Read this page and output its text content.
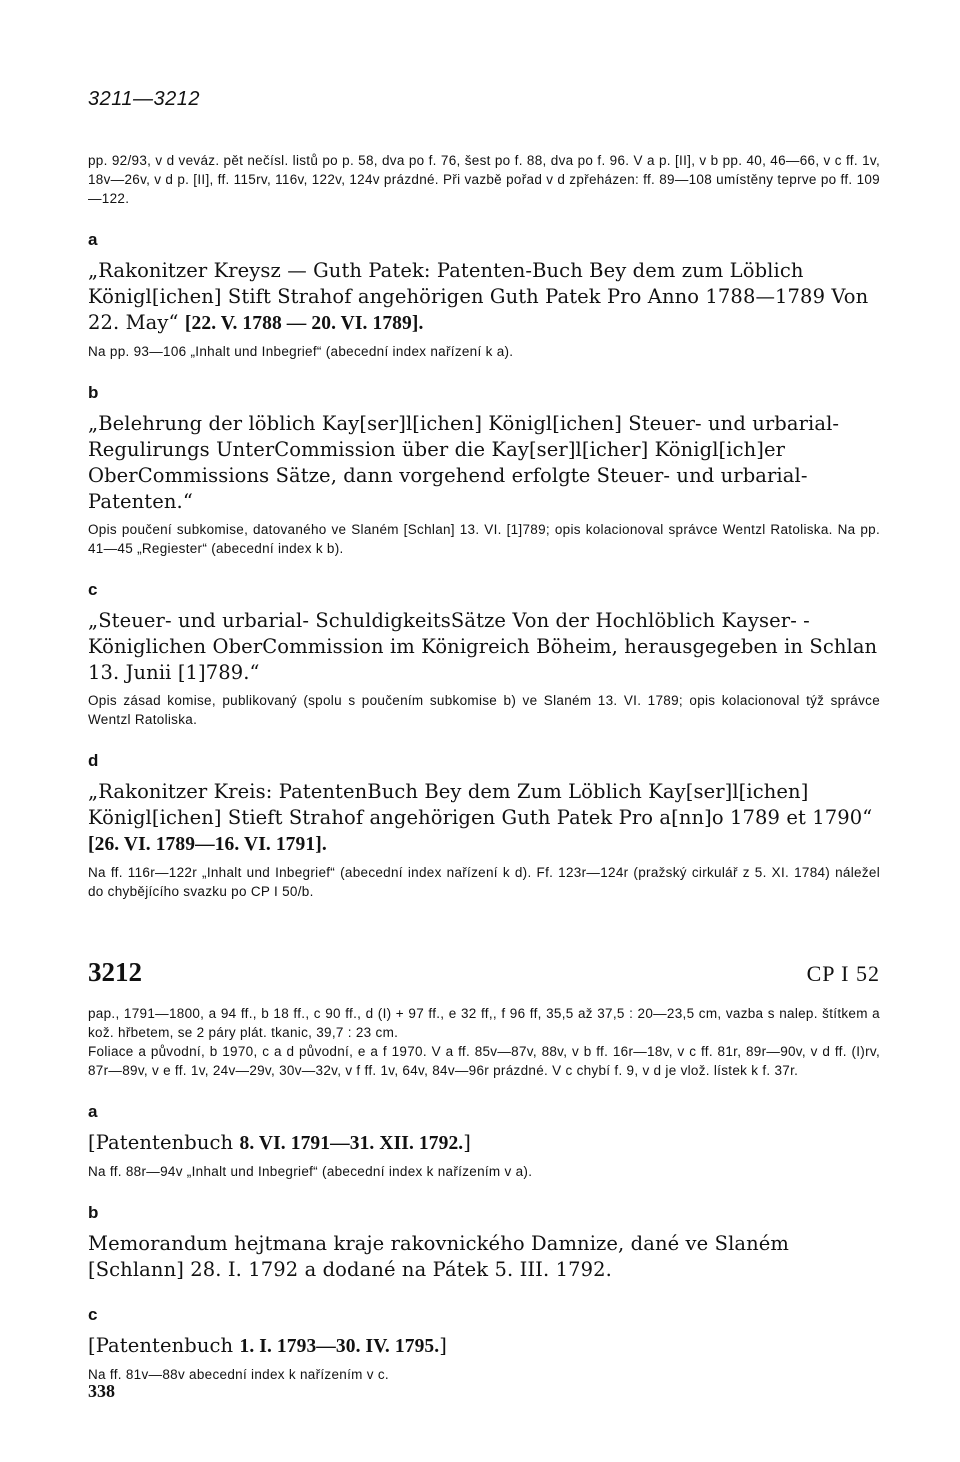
3211—3212

pp. 92/93, v d veváz. pět nečísl. listů po p. 58, dva po f. 76, šest po f. 88, dva po f. 96. V a p. [II], v b pp. 40, 46—66, v c ff. 1v, 18v—26v, v d p. [II], ff. 115rv, 116v, 122v, 124v prázdné. Při vazbě pořad v d zpřeházen: ff. 89—108 umístěny teprve po ff. 109—122.

a

„Rakonitzer Kreysz — Guth Patek: Patenten-Buch Bey dem zum Löblich Königl[ichen] Stift Strahof angehörigen Guth Patek Pro Anno 1788—1789 Von 22. May“ [22. V. 1788 — 20. VI. 1789].

Na pp. 93—106 „Inhalt und Inbegrief“ (abecední index nařízení k a).

b

„Belehrung der löblich Kay[ser]l[ichen] Königl[ichen] Steuer- und urbarial-Regulirungs UnterCommission über die Kay[ser]l[icher] Königl[ich]er OberCommissions Sätze, dann vorgehend erfolgte Steuer- und urbarial- Patenten.“

Opis poučení subkomise, datovaného ve Slaném [Schlan] 13. VI. [1]789; opis kolacionoval správce Wentzl Ratoliska. Na pp. 41—45 „Regiester“ (abecední index k b).

c

„Steuer- und urbarial- SchuldigkeitsSätze Von der Hochlöblich Kayser- -Königlichen OberCommission im Königreich Böheim, herausgegeben in Schlan 13. Junii [1]789.“

Opis zásad komise, publikovaný (spolu s poučením subkomise b) ve Slaném 13. VI. 1789; opis kolacionoval týž správce Wentzl Ratoliska.

d

„Rakonitzer Kreis: PatentenBuch Bey dem Zum Löblich Kay[ser]l[ichen] Königl[ichen] Stieft Strahof angehörigen Guth Patek Pro a[nn]o 1789 et 1790“ [26. VI. 1789—16. VI. 1791].

Na ff. 116r—122r „Inhalt und Inbegrief“ (abecední index nařízení k d). Ff. 123r—124r (pražský cirkulář z 5. XI. 1784) náležel do chybějícího svazku po CP I 50/b.

3212	CP I 52

pap., 1791—1800, a 94 ff., b 18 ff., c 90 ff., d (I) + 97 ff., e 32 ff,, f 96 ff, 35,5 až 37,5 : 20—23,5 cm, vazba s nalep. štítkem a kož. hřbetem, se 2 páry plát. tkanic, 39,7 : 23 cm.

Foliace a původní, b 1970, c a d původní, e a f 1970. V a ff. 85v—87v, 88v, v b ff. 16r—18v, v c ff. 81r, 89r—90v, v d ff. (I)rv, 87r—89v, v e ff. 1v, 24v—29v, 30v—32v, v f ff. 1v, 64v, 84v—96r prázdné. V c chybí f. 9, v d je vlož. lístek k f. 37r.

a

[Patentenbuch 8. VI. 1791—31. XII. 1792.]

Na ff. 88r—94v „Inhalt und Inbegrief“ (abecední index k nařízením v a).

b

Memorandum hejtmana kraje rakovnického Damnize, dané ve Slaném [Schlann] 28. I. 1792 a dodané na Pátek 5. III. 1792.

c

[Patentenbuch 1. I. 1793—30. IV. 1795.]

Na ff. 81v—88v abecední index k nařízením v c.

338
